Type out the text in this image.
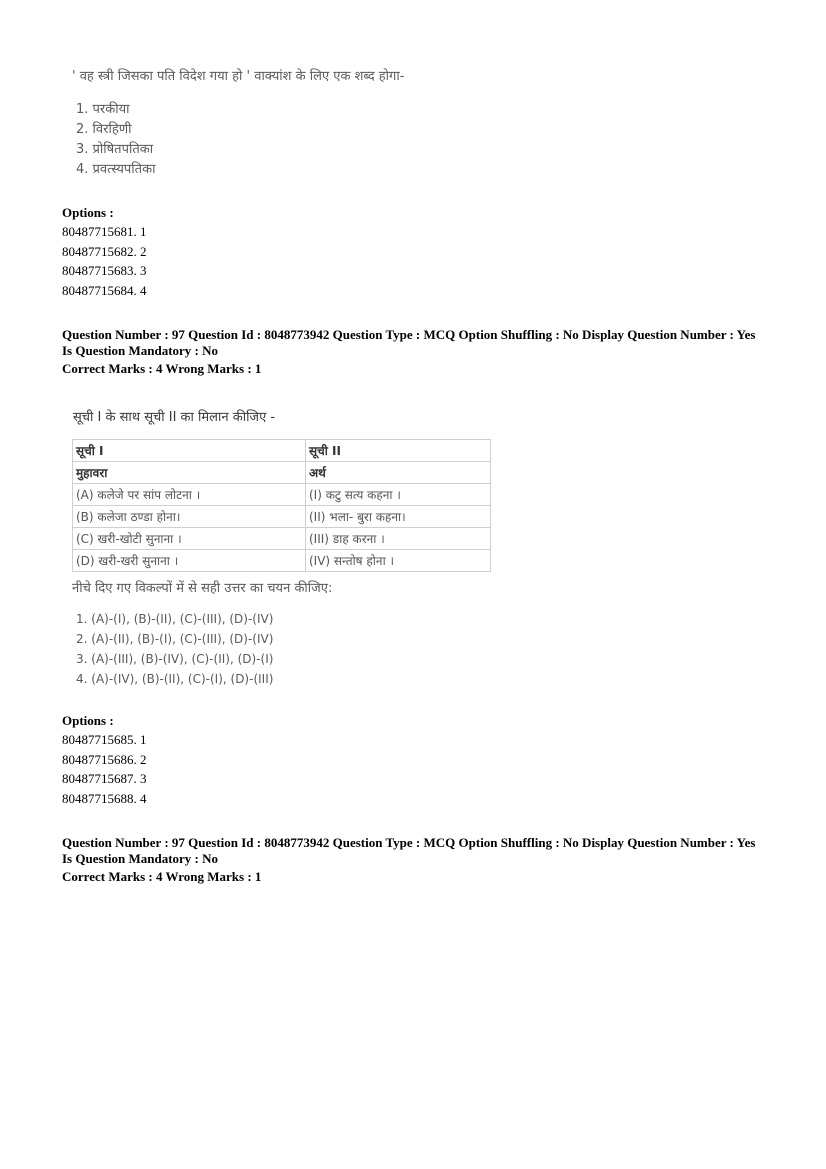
' वह स्त्री जिसका पति विदेश गया हो ' वाक्यांश के लिए एक शब्द होगा-
1. परकीया
2. विरहिणी
3. प्रोषितपतिका
4. प्रवत्स्यपतिका
Options :
80487715681. 1
80487715682. 2
80487715683. 3
80487715684. 4
Question Number : 97 Question Id : 8048773942 Question Type : MCQ Option Shuffling : No Display Question Number : Yes
Is Question Mandatory : No
Correct Marks : 4 Wrong Marks : 1
सूची I के साथ सूची II का मिलान कीजिए -
सूची I	सूची II
मुहावरा	अर्थ
(A) कलेजे पर सांप लोटना ।	(I) कटु सत्य कहना ।
(B) कलेजा ठण्डा होना।	(II) भला- बुरा कहना।
(C) खरी-खोटी सुनाना ।	(III) डाह करना ।
(D) खरी-खरी सुनाना ।	(IV) सन्तोष होना ।
नीचे दिए गए विकल्पों में से सही उत्तर का चयन कीजिए:
1. (A)-(I), (B)-(II), (C)-(III), (D)-(IV)
2. (A)-(II), (B)-(I), (C)-(III), (D)-(IV)
3. (A)-(III), (B)-(IV), (C)-(II), (D)-(I)
4. (A)-(IV), (B)-(II), (C)-(I), (D)-(III)
Options :
80487715685. 1
80487715686. 2
80487715687. 3
80487715688. 4
Question Number : 97 Question Id : 8048773942 Question Type : MCQ Option Shuffling : No Display Question Number : Yes
Is Question Mandatory : No
Correct Marks : 4 Wrong Marks : 1
